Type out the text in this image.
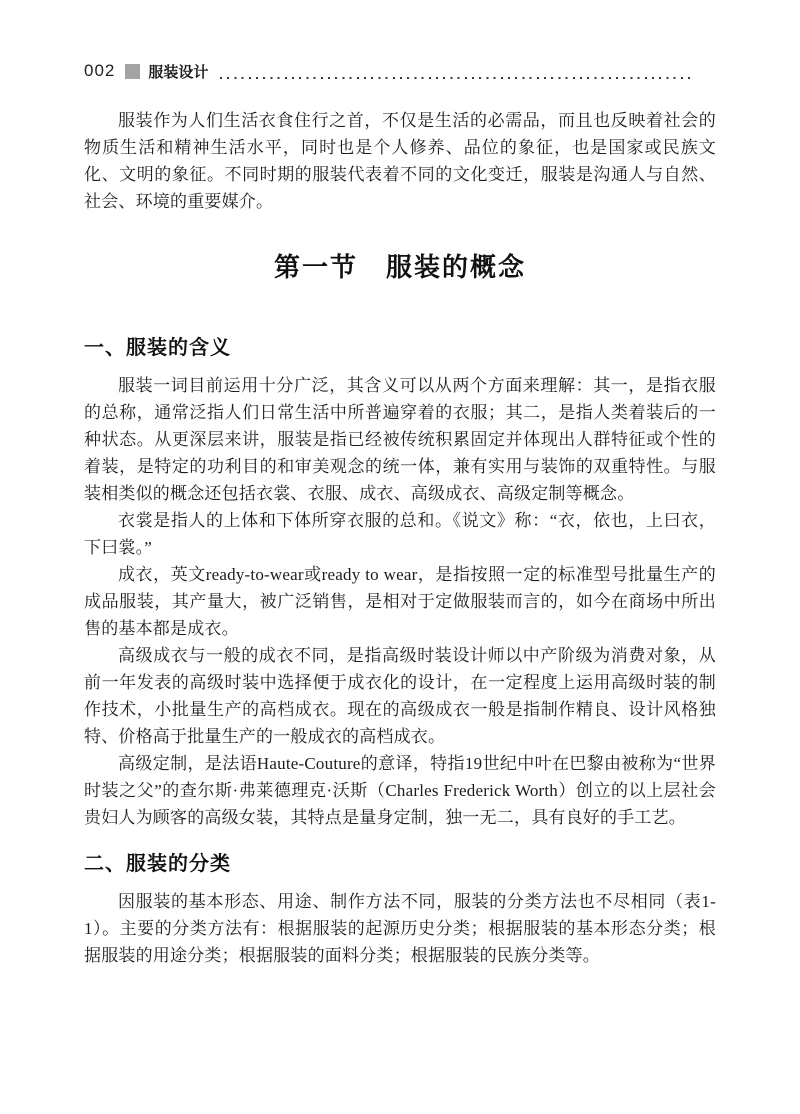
002 服装设计

服装作为人们生活衣食住行之首，不仅是生活的必需品，而且也反映着社会的物质生活和精神生活水平，同时也是个人修养、品位的象征，也是国家或民族文化、文明的象征。不同时期的服装代表着不同的文化变迁，服装是沟通人与自然、社会、环境的重要媒介。

第一节　服装的概念
一、服装的含义

服装一词目前运用十分广泛，其含义可以从两个方面来理解：其一，是指衣服的总称，通常泛指人们日常生活中所普遍穿着的衣服；其二，是指人类着装后的一种状态。从更深层来讲，服装是指已经被传统积累固定并体现出人群特征或个性的着装，是特定的功利目的和审美观念的统一体，兼有实用与装饰的双重特性。与服装相类似的概念还包括衣裳、衣服、成衣、高级成衣、高级定制等概念。

衣裳是指人的上体和下体所穿衣服的总和。《说文》称：“衣，依也，上曰衣，下曰裳。”

成衣，英文ready-to-wear或ready to wear，是指按照一定的标准型号批量生产的成品服装，其产量大，被广泛销售，是相对于定做服装而言的，如今在商场中所出售的基本都是成衣。

高级成衣与一般的成衣不同，是指高级时装设计师以中产阶级为消费对象，从前一年发表的高级时装中选择便于成衣化的设计，在一定程度上运用高级时装的制作技术，小批量生产的高档成衣。现在的高级成衣一般是指制作精良、设计风格独特、价格高于批量生产的一般成衣的高档成衣。

高级定制，是法语Haute-Couture的意译，特指19世纪中叶在巴黎由被称为“世界时装之父”的查尔斯·弗莱德理克·沃斯（Charles Frederick Worth）创立的以上层社会贵妇人为顾客的高级女装，其特点是量身定制，独一无二，具有良好的手工艺。

二、服装的分类

因服装的基本形态、用途、制作方法不同，服装的分类方法也不尽相同（表1-1）。主要的分类方法有：根据服装的起源历史分类；根据服装的基本形态分类；根据服装的用途分类；根据服装的面料分类；根据服装的民族分类等。
